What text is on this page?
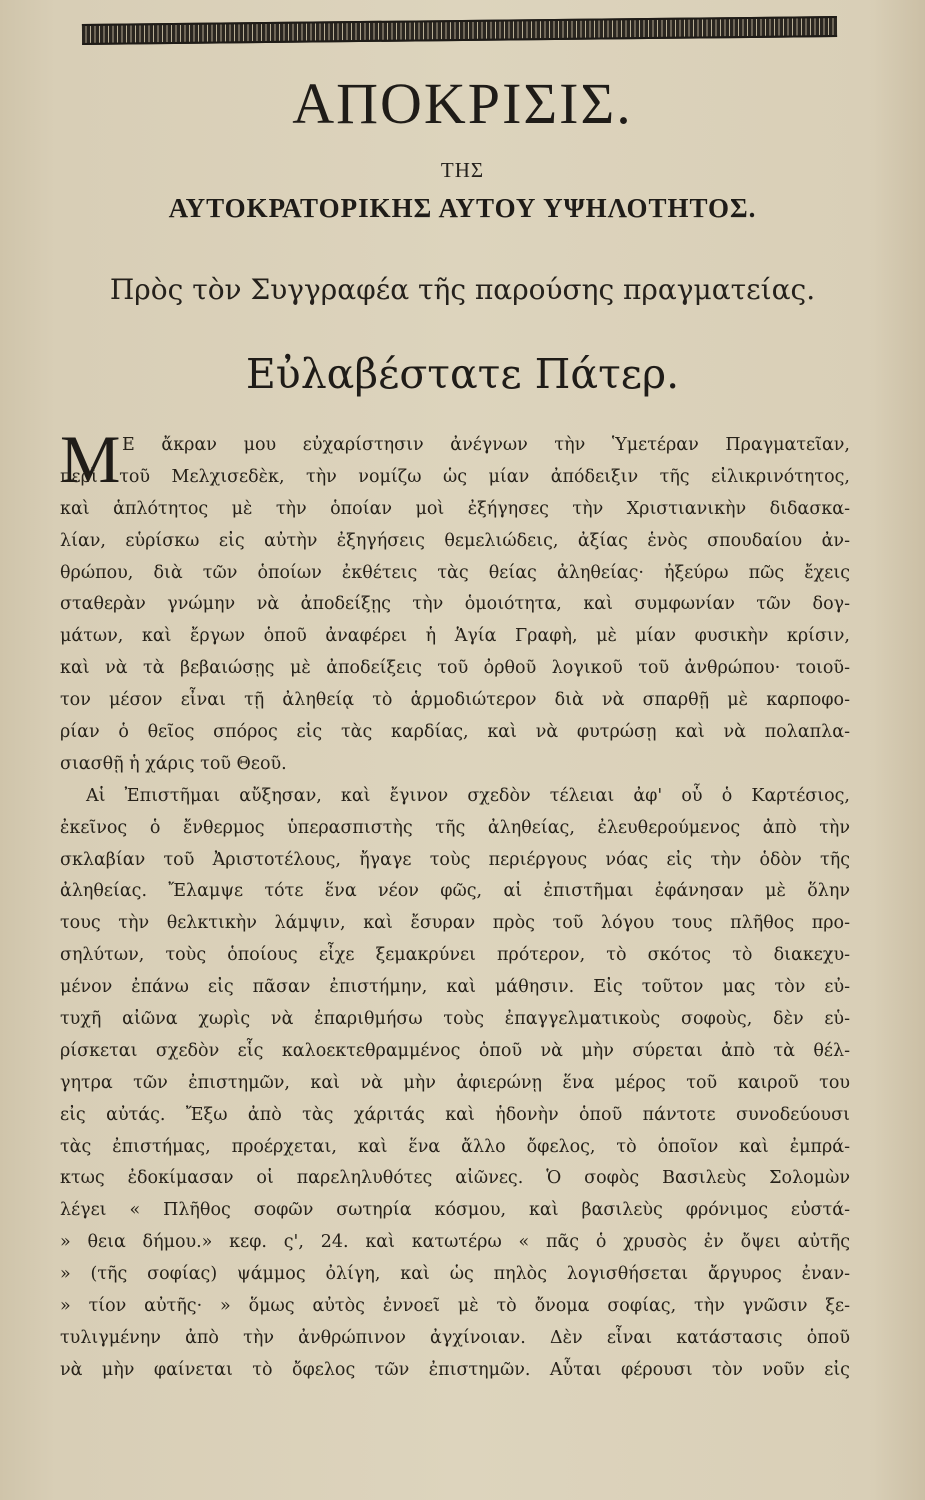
ΑΠΟΚΡΙΣΙΣ.
ΤΗΣ
ΑΥΤΟΚΡΑΤΟΡΙΚΗΣ ΑΥΤΟΥ ΥΨΗΛΟΤΗΤΟΣ.
Πρὸς τὸν Συγγραφέα τῆς παρούσης πραγματείας.
Εὐλαβέστατε Πάτερ.
Μ Ε ἄκραν μου εὐχαρίστησιν ἀνέγνων τὴν Ὑμετέραν Πραγματεῖαν,
περὶ τοῦ Μελχισεδὲκ, τὴν νομίζω ὡς μίαν ἀπόδειξιν τῆς εἰλικρινότητος,
καὶ ἁπλότητος μὲ τὴν ὁποίαν μοὶ ἐξήγησες τὴν Χριστιανικὴν διδασκα-
λίαν, εὑρίσκω εἰς αὐτὴν ἐξηγήσεις θεμελιώδεις, ἀξίας ἑνὸς σπουδαίου ἀν-
θρώπου, διὰ τῶν ὁποίων ἐκθέτεις τὰς θείας ἀληθείας· ἠξεύρω πῶς ἔχεις
σταθερὰν γνώμην νὰ ἀποδείξῃς τὴν ὁμοιότητα, καὶ συμφωνίαν τῶν δογ-
μάτων, καὶ ἔργων ὁποῦ ἀναφέρει ἡ Ἁγία Γραφὴ, μὲ μίαν φυσικὴν κρίσιν,
καὶ νὰ τὰ βεβαιώσῃς μὲ ἀποδείξεις τοῦ ὀρθοῦ λογικοῦ τοῦ ἀνθρώπου· τοιοῦ-
τον μέσον εἶναι τῇ ἀληθείᾳ τὸ ἁρμοδιώτερον διὰ νὰ σπαρθῇ μὲ καρποφο-
ρίαν ὁ θεῖος σπόρος εἰς τὰς καρδίας, καὶ νὰ φυτρώσῃ καὶ νὰ πολαπλα-
σιασθῇ ἡ χάρις τοῦ Θεοῦ.
Αἱ Ἐπιστῆμαι αὔξησαν, καὶ ἔγινον σχεδὸν τέλειαι ἀφ' οὗ ὁ Καρτέσιος,
ἐκεῖνος ὁ ἔνθερμος ὑπερασπιστὴς τῆς ἀληθείας, ἐλευθερούμενος ἀπὸ τὴν
σκλαβίαν τοῦ Ἀριστοτέλους, ἤγαγε τοὺς περιέργους νόας εἰς τὴν ὁδὸν τῆς
ἀληθείας. Ἔλαμψε τότε ἕνα νέον φῶς, αἱ ἐπιστῆμαι ἐφάνησαν μὲ ὅλην
τους τὴν θελκτικὴν λάμψιν, καὶ ἔσυραν πρὸς τοῦ λόγου τους πλῆθος προ-
σηλύτων, τοὺς ὁποίους εἶχε ξεμακρύνει πρότερον, τὸ σκότος τὸ διακεχυ-
μένον ἐπάνω εἰς πᾶσαν ἐπιστήμην, καὶ μάθησιν. Εἰς τοῦτον μας τὸν εὐ-
τυχῆ αἰῶνα χωρὶς νὰ ἐπαριθμήσω τοὺς ἐπαγγελματικοὺς σοφοὺς, δὲν εὑ-
ρίσκεται σχεδὸν εἷς καλοεκτεθραμμένος ὁποῦ νὰ μὴν σύρεται ἀπὸ τὰ θέλ-
γητρα τῶν ἐπιστημῶν, καὶ νὰ μὴν ἀφιερώνῃ ἕνα μέρος τοῦ καιροῦ του
εἰς αὐτάς. Ἔξω ἀπὸ τὰς χάριτάς καὶ ἡδονὴν ὁποῦ πάντοτε συνοδεύουσι
τὰς ἐπιστήμας, προέρχεται, καὶ ἕνα ἄλλο ὄφελος, τὸ ὁποῖον καὶ ἐμπρά-
κτως ἐδοκίμασαν οἱ παρεληλυθότες αἰῶνες. Ὁ σοφὸς Βασιλεὺς Σολομὼν
λέγει « Πλῆθος σοφῶν σωτηρία κόσμου, καὶ βασιλεὺς φρόνιμος εὐστά-
» θεια δήμου.» κεφ. ς', 24. καὶ κατωτέρω « πᾶς ὁ χρυσὸς ἐν ὄψει αὐτῆς
» (τῆς σοφίας) ψάμμος ὀλίγη, καὶ ὡς πηλὸς λογισθήσεται ἄργυρος ἐναν-
» τίον αὐτῆς· » ὅμως αὐτὸς ἐννοεῖ μὲ τὸ ὄνομα σοφίας, τὴν γνῶσιν ξε-
τυλιγμένην ἀπὸ τὴν ἀνθρώπινον ἀγχίνοιαν. Δὲν εἶναι κατάστασις ὁποῦ
νὰ μὴν φαίνεται τὸ ὄφελος τῶν ἐπιστημῶν. Αὗται φέρουσι τὸν νοῦν εἰς
